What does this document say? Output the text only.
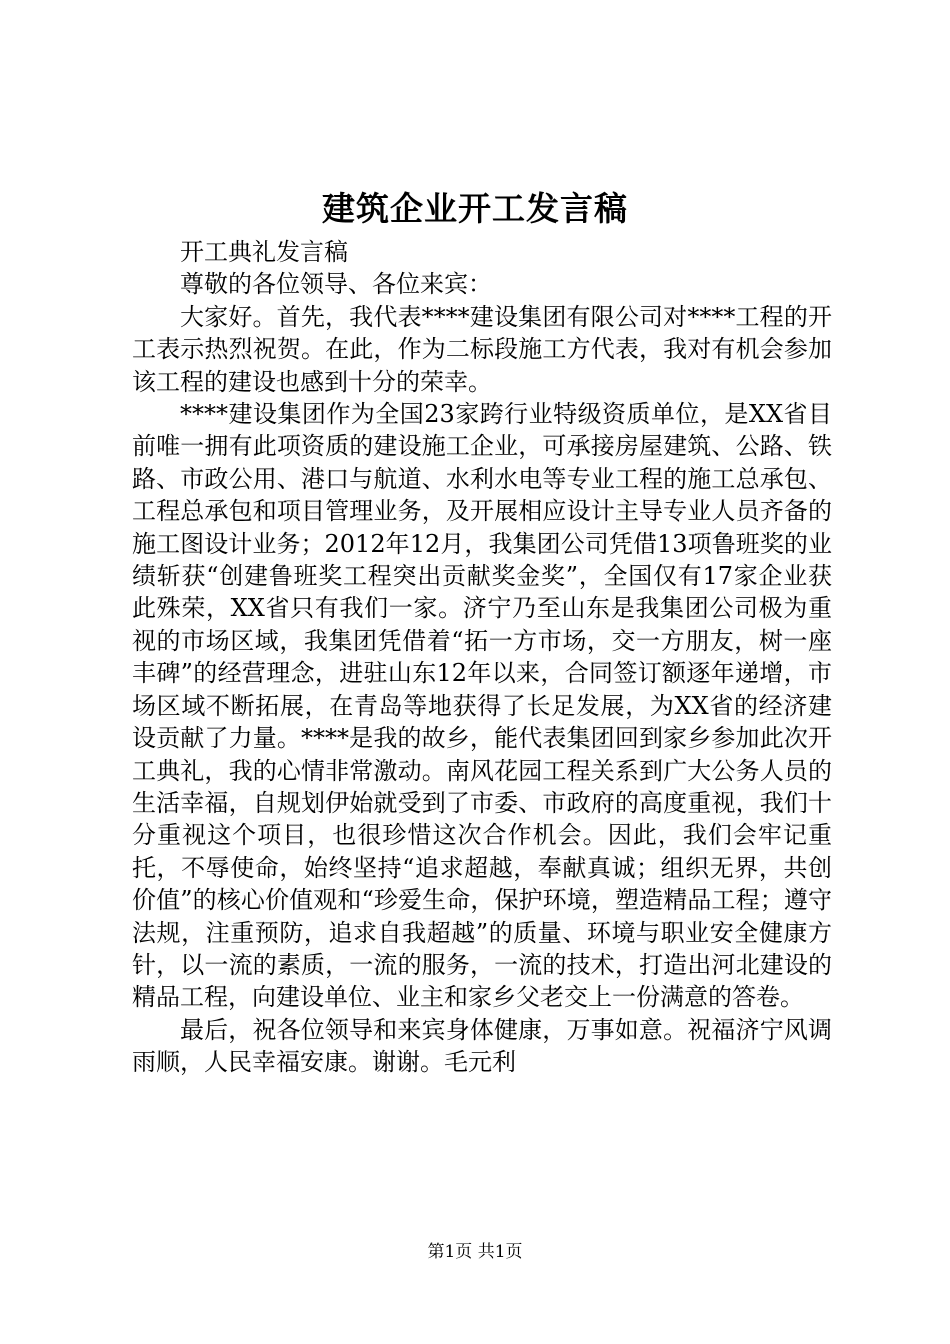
建筑企业开工发言稿

开工典礼发言稿

尊敬的各位领导、各位来宾：

大家好。首先，我代表****建设集团有限公司对****工程的开工表示热烈祝贺。在此，作为二标段施工方代表，我对有机会参加该工程的建设也感到十分的荣幸。

****建设集团作为全国23家跨行业特级资质单位，是XX省目前唯一拥有此项资质的建设施工企业，可承接房屋建筑、公路、铁路、市政公用、港口与航道、水利水电等专业工程的施工总承包、工程总承包和项目管理业务，及开展相应设计主导专业人员齐备的施工图设计业务；2012年12月，我集团公司凭借13项鲁班奖的业绩斩获“创建鲁班奖工程突出贡献奖金奖”，全国仅有17家企业获此殊荣，XX省只有我们一家。济宁乃至山东是我集团公司极为重视的市场区域，我集团凭借着“拓一方市场，交一方朋友，树一座丰碑”的经营理念，进驻山东12年以来，合同签订额逐年递增，市场区域不断拓展，在青岛等地获得了长足发展，为XX省的经济建设贡献了力量。****是我的故乡，能代表集团回到家乡参加此次开工典礼，我的心情非常激动。南风花园工程关系到广大公务人员的生活幸福，自规划伊始就受到了市委、市政府的高度重视，我们十分重视这个项目，也很珍惜这次合作机会。因此，我们会牢记重托，不辱使命，始终坚持“追求超越，奉献真诚；组织无界，共创价值”的核心价值观和“珍爱生命，保护环境，塑造精品工程；遵守法规，注重预防，追求自我超越”的质量、环境与职业安全健康方针，以一流的素质，一流的服务，一流的技术，打造出河北建设的精品工程，向建设单位、业主和家乡父老交上一份满意的答卷。

最后，祝各位领导和来宾身体健康，万事如意。祝福济宁风调雨顺，人民幸福安康。谢谢。毛元利

第1页 共1页
